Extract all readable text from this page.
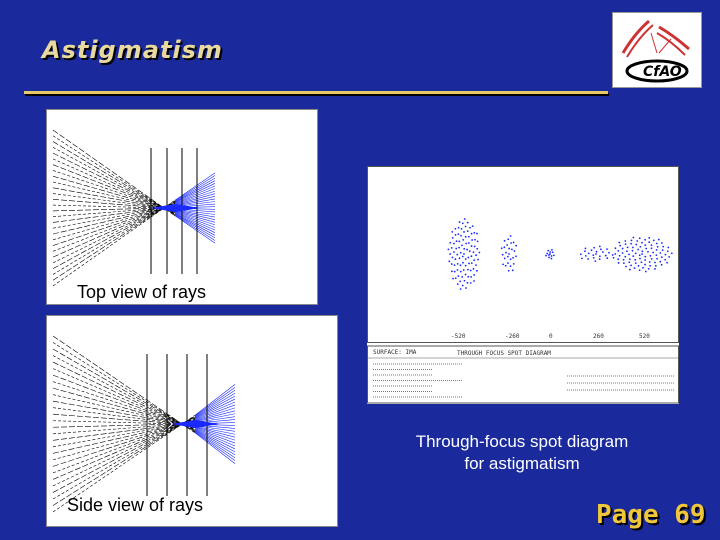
Astigmatism
CfAO
Top view of rays
Side view of rays
SURFACE: IMA	THROUGH FOCUS SPOT DIAGRAM
-520	-260	0	260	520
Through-focus spot diagram
for astigmatism
Page 69
